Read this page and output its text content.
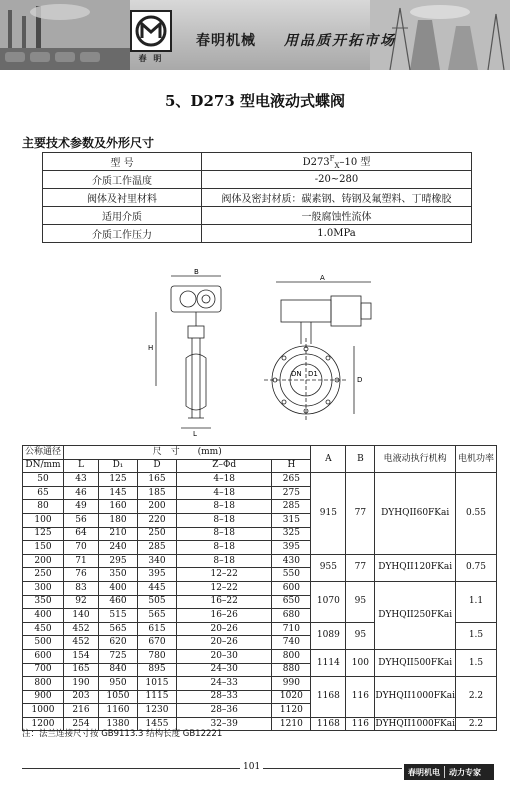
春 明
春明机械 用品质开拓市场
5、D273 型电液动式蝶阀
主要技术参数及外形尺寸
型 号	$D273^F_X-10$ 型
介质工作温度	-20~280
阀体及衬里材料	阀体及密封材质：碳素钢、铸钢及氟塑料、丁晴橡胶
适用介质	一般腐蚀性流体
介质工作压力	1.0MPa
B
H
L
A
D
DN D1
公称通径	尺　寸　　(mm)					A	B	电液动执行机构	电机功率
DN/mm	L	D₁	D	Z–Φd	H				
50	43	125	165	4–18	265	915	77	DYHQII60FKai	0.55
65	46	145	185	4–18	275				
80	49	160	200	8–18	285				
100	56	180	220	8–18	315				
125	64	210	250	8–18	325				
150	70	240	285	8–18	395				
200	71	295	340	8–18	430	955	77	DYHQII120FKai	0.75
250	76	350	395	12–22	550				
300	83	400	445	12–22	600	1070	95	DYHQII250FKai	1.1
350	92	460	505	16–22	650				
400	140	515	565	16–26	680				
450	452	565	615	20–26	710	1089	95		1.5
500	452	620	670	20–26	740				
600	154	725	780	20–30	800	1114	100	DYHQII500FKai	1.5
700	165	840	895	24–30	880				
800	190	950	1015	24–33	990	1168	116	DYHQII1000FKai	2.2
900	203	1050	1115	28–33	1020				
1000	216	1160	1230	28–36	1120				
1200	254	1380	1455	32–39	1210	1168	116	DYHQII1000FKai	2.2
注：法兰连接尺寸按 GB9113.3 结构长度 GB12221
101	春明机电	动力专家
